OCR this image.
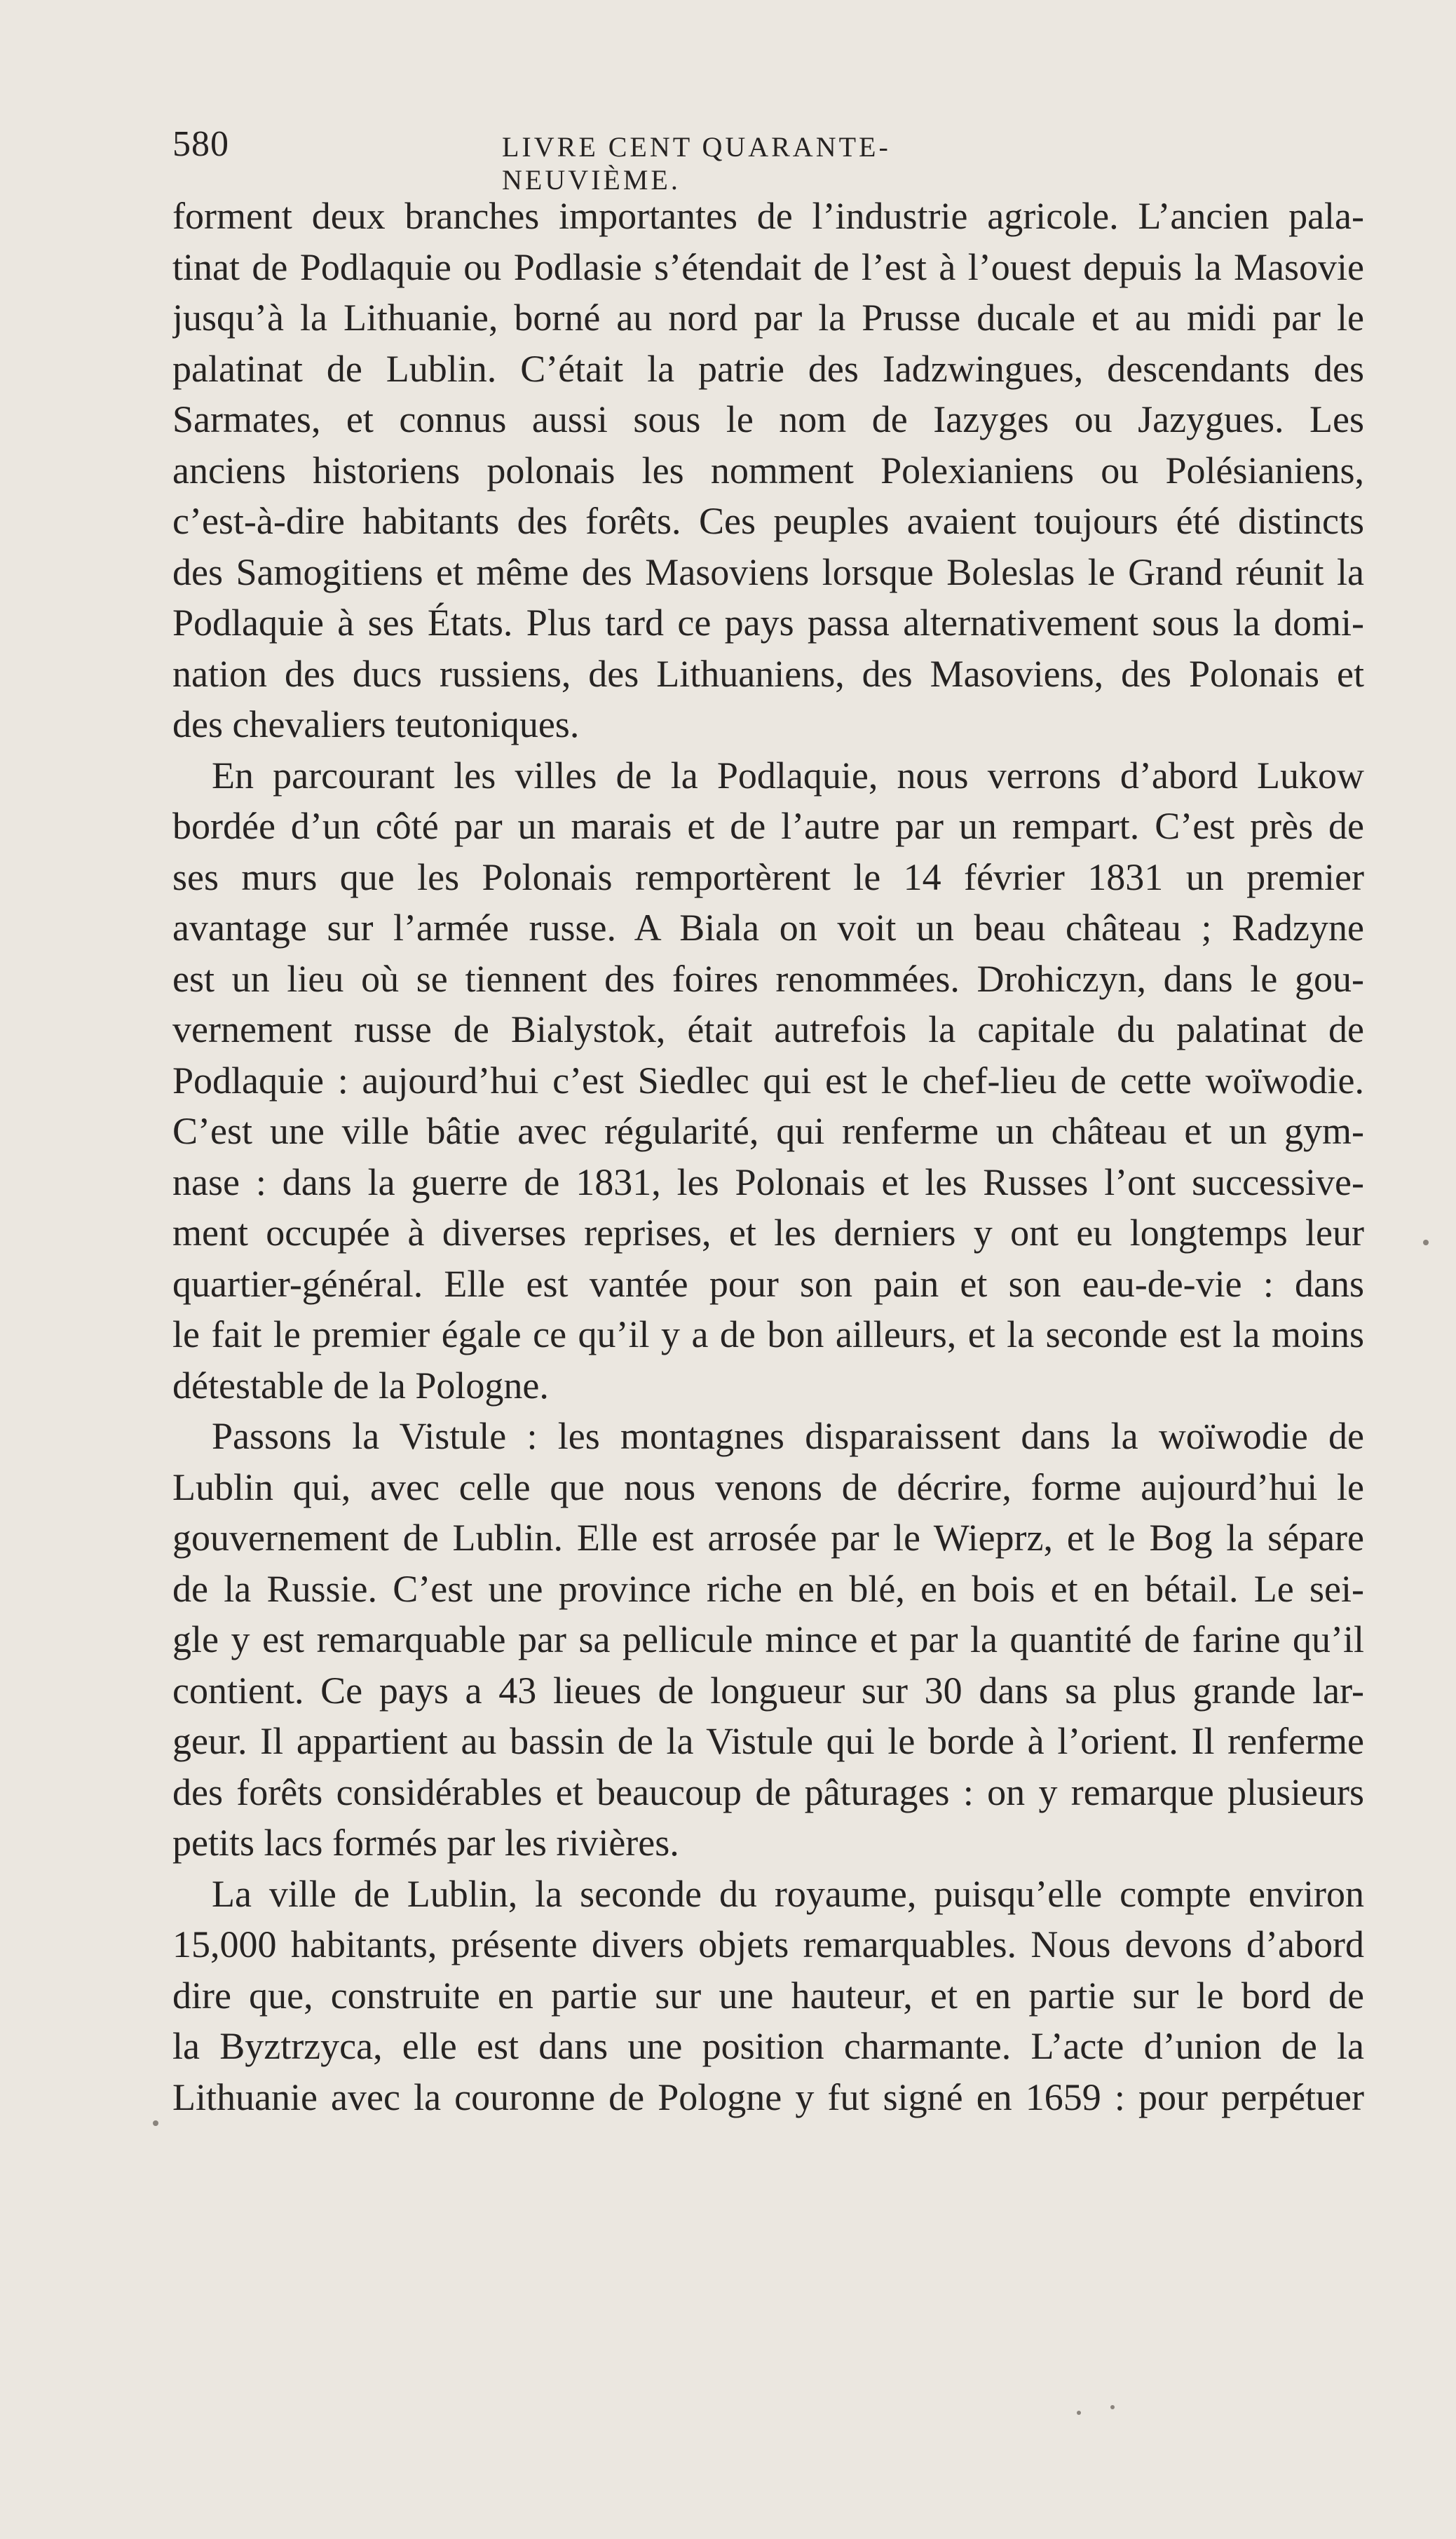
580	LIVRE CENT QUARANTE-NEUVIÈME.
forment deux branches importantes de l’industrie agricole. L’ancien pala-
tinat de Podlaquie ou Podlasie s’étendait de l’est à l’ouest depuis la Masovie
jusqu’à la Lithuanie, borné au nord par la Prusse ducale et au midi par le
palatinat de Lublin. C’était la patrie des Iadzwingues, descendants des
Sarmates, et connus aussi sous le nom de Iazyges ou Jazygues. Les
anciens historiens polonais les nomment Polexianiens ou Polésianiens,
c’est-à-dire habitants des forêts. Ces peuples avaient toujours été distincts
des Samogitiens et même des Masoviens lorsque Boleslas le Grand réunit la
Podlaquie à ses États. Plus tard ce pays passa alternativement sous la domi-
nation des ducs russiens, des Lithuaniens, des Masoviens, des Polonais et
des chevaliers teutoniques.
En parcourant les villes de la Podlaquie, nous verrons d’abord Lukow
bordée d’un côté par un marais et de l’autre par un rempart. C’est près de
ses murs que les Polonais remportèrent le 14 février 1831 un premier
avantage sur l’armée russe. A Biala on voit un beau château ; Radzyne
est un lieu où se tiennent des foires renommées. Drohiczyn, dans le gou-
vernement russe de Bialystok, était autrefois la capitale du palatinat de
Podlaquie : aujourd’hui c’est Siedlec qui est le chef-lieu de cette woïwodie.
C’est une ville bâtie avec régularité, qui renferme un château et un gym-
nase : dans la guerre de 1831, les Polonais et les Russes l’ont successive-
ment occupée à diverses reprises, et les derniers y ont eu longtemps leur
quartier-général. Elle est vantée pour son pain et son eau-de-vie : dans
le fait le premier égale ce qu’il y a de bon ailleurs, et la seconde est la moins
détestable de la Pologne.
Passons la Vistule : les montagnes disparaissent dans la woïwodie de
Lublin qui, avec celle que nous venons de décrire, forme aujourd’hui le
gouvernement de Lublin. Elle est arrosée par le Wieprz, et le Bog la sépare
de la Russie. C’est une province riche en blé, en bois et en bétail. Le sei-
gle y est remarquable par sa pellicule mince et par la quantité de farine qu’il
contient. Ce pays a 43 lieues de longueur sur 30 dans sa plus grande lar-
geur. Il appartient au bassin de la Vistule qui le borde à l’orient. Il renferme
des forêts considérables et beaucoup de pâturages : on y remarque plusieurs
petits lacs formés par les rivières.
La ville de Lublin, la seconde du royaume, puisqu’elle compte environ
15,000 habitants, présente divers objets remarquables. Nous devons d’abord
dire que, construite en partie sur une hauteur, et en partie sur le bord de
la Byztrzyca, elle est dans une position charmante. L’acte d’union de la
Lithuanie avec la couronne de Pologne y fut signé en 1659 : pour perpétuer
